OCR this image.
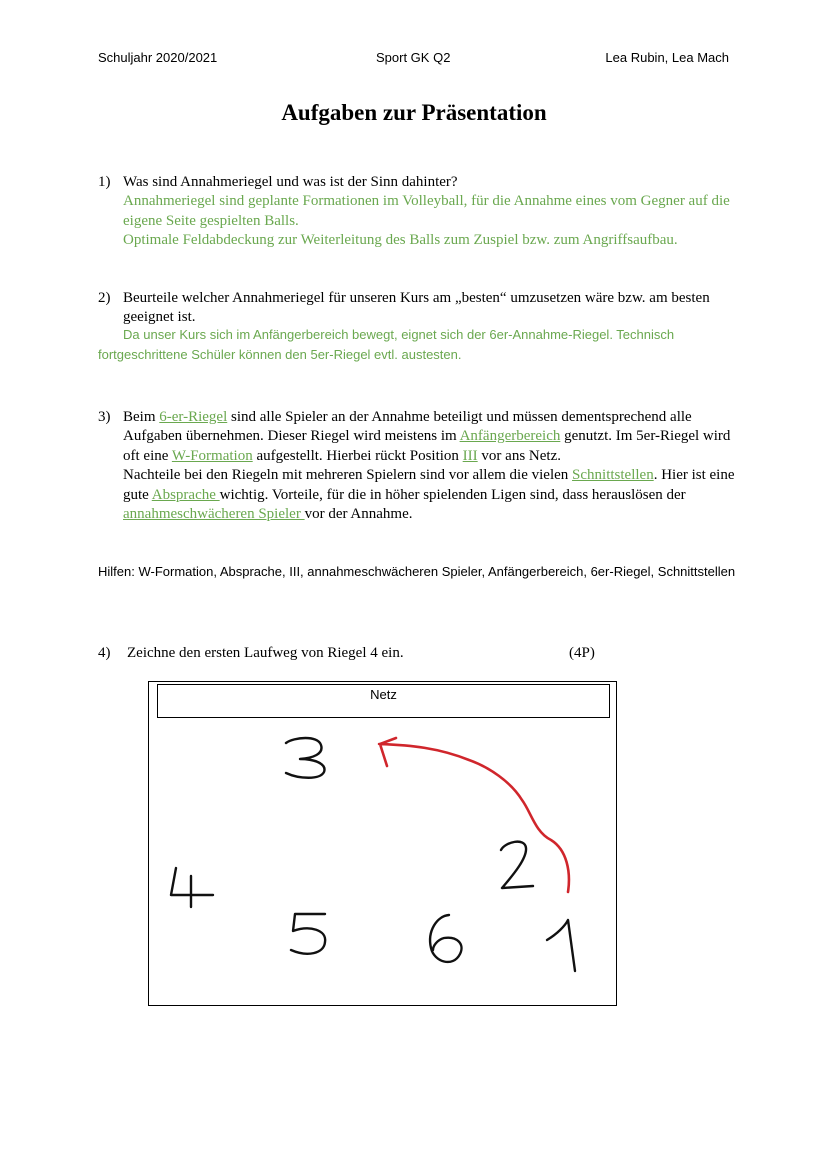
Schuljahr 2020/2021	Sport GK Q2	Lea Rubin, Lea Mach
Aufgaben zur Präsentation
1) Was sind Annahmeriegel und was ist der Sinn dahinter?
Annahmeriegel sind geplante Formationen im Volleyball, für die Annahme eines vom Gegner auf die eigene Seite gespielten Balls.
Optimale Feldabdeckung zur Weiterleitung des Balls zum Zuspiel bzw. zum Angriffsaufbau.
2) Beurteile welcher Annahmeriegel für unseren Kurs am „besten“ umzusetzen wäre bzw. am besten geeignet ist.
Da unser Kurs sich im Anfängerbereich bewegt, eignet sich der 6er-Annahme-Riegel. Technisch fortgeschrittene Schüler können den 5er-Riegel evtl. austesten.
3) Beim 6-er-Riegel sind alle Spieler an der Annahme beteiligt und müssen dementsprechend alle Aufgaben übernehmen. Dieser Riegel wird meistens im Anfängerbereich genutzt. Im 5er-Riegel wird oft eine W-Formation aufgestellt. Hierbei rückt Position III vor ans Netz.
Nachteile bei den Riegeln mit mehreren Spielern sind vor allem die vielen Schnittstellen. Hier ist eine gute Absprache wichtig. Vorteile, für die in höher spielenden Ligen sind, dass herauslösen der annahmeschwächeren Spieler vor der Annahme.
Hilfen: W-Formation, Absprache, III, annahmeschwächeren Spieler, Anfängerbereich, 6er-Riegel, Schnittstellen
4) Zeichne den ersten Laufweg von Riegel 4 ein.	(4P)
Netz
